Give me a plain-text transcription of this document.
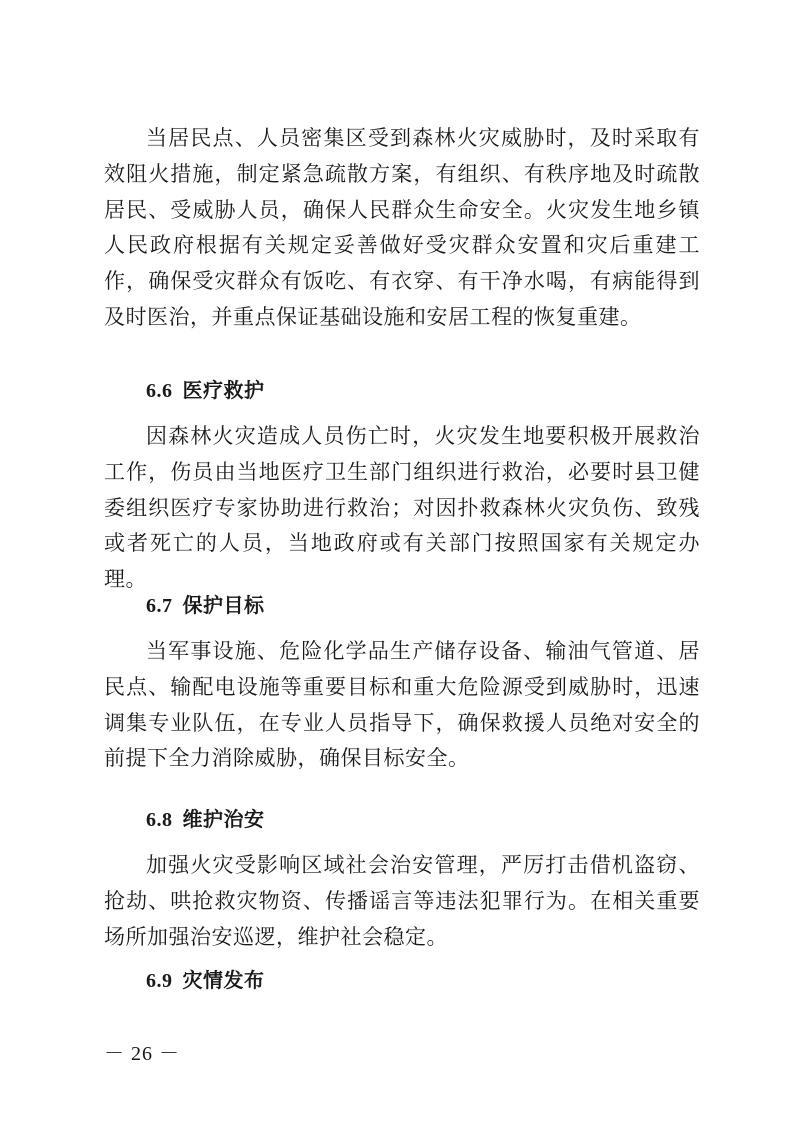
当居民点、人员密集区受到森林火灾威胁时，及时采取有效阻火措施，制定紧急疏散方案，有组织、有秩序地及时疏散居民、受威胁人员，确保人民群众生命安全。火灾发生地乡镇人民政府根据有关规定妥善做好受灾群众安置和灾后重建工作，确保受灾群众有饭吃、有衣穿、有干净水喝，有病能得到及时医治，并重点保证基础设施和安居工程的恢复重建。

6.6 医疗救护

因森林火灾造成人员伤亡时，火灾发生地要积极开展救治工作，伤员由当地医疗卫生部门组织进行救治，必要时县卫健委组织医疗专家协助进行救治；对因扑救森林火灾负伤、致残或者死亡的人员，当地政府或有关部门按照国家有关规定办理。

6.7 保护目标

当军事设施、危险化学品生产储存设备、输油气管道、居民点、输配电设施等重要目标和重大危险源受到威胁时，迅速调集专业队伍，在专业人员指导下，确保救援人员绝对安全的前提下全力消除威胁，确保目标安全。

6.8 维护治安

加强火灾受影响区域社会治安管理，严厉打击借机盗窃、抢劫、哄抢救灾物资、传播谣言等违法犯罪行为。在相关重要场所加强治安巡逻，维护社会稳定。

6.9 灾情发布
－ 26 －
